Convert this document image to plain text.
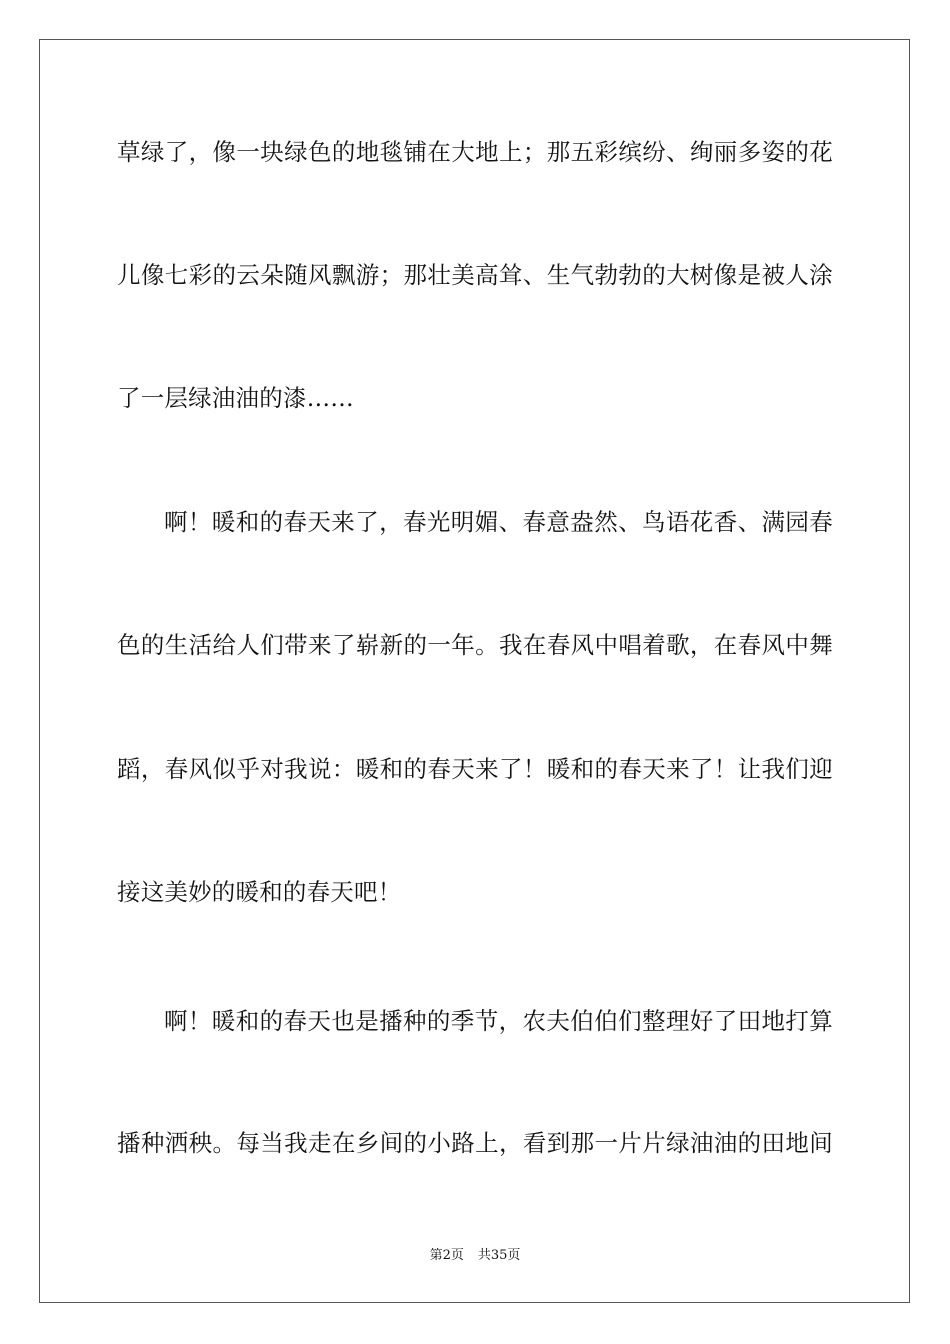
草绿了，像一块绿色的地毯铺在大地上；那五彩缤纷、绚丽多姿的花
儿像七彩的云朵随风飘游；那壮美高耸、生气勃勃的大树像是被人涂
了一层绿油油的漆……
啊！暖和的春天来了，春光明媚、春意盎然、鸟语花香、满园春
色的生活给人们带来了崭新的一年。我在春风中唱着歌，在春风中舞
蹈，春风似乎对我说：暖和的春天来了！暖和的春天来了！让我们迎
接这美妙的暖和的春天吧！
啊！暖和的春天也是播种的季节，农夫伯伯们整理好了田地打算
播种洒秧。每当我走在乡间的小路上，看到那一片片绿油油的田地间
第2页 共35页
